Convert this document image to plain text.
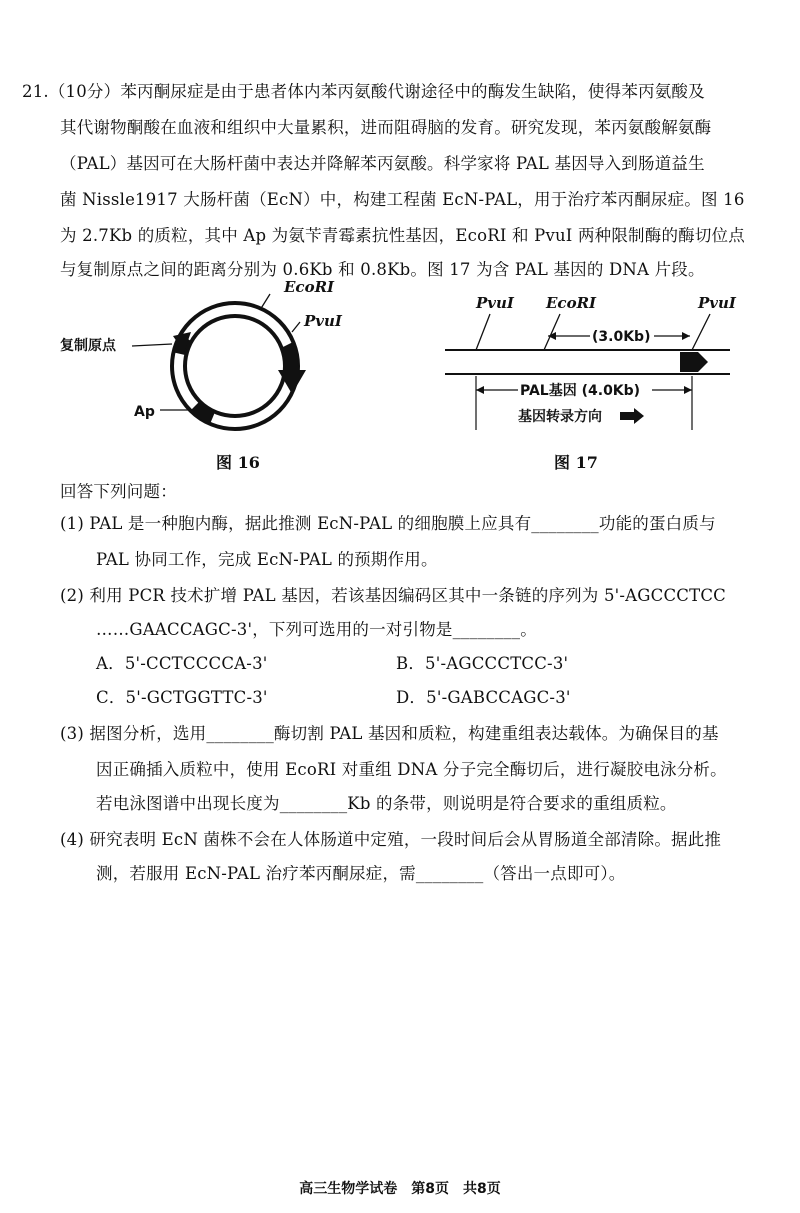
21.（10分）苯丙酮尿症是由于患者体内苯丙氨酸代谢途径中的酶发生缺陷，使得苯丙氨酸及
其代谢物酮酸在血液和组织中大量累积，进而阻碍脑的发育。研究发现，苯丙氨酸解氨酶
（PAL）基因可在大肠杆菌中表达并降解苯丙氨酸。科学家将 PAL 基因导入到肠道益生
菌 Nissle1917 大肠杆菌（EcN）中，构建工程菌 EcN-PAL，用于治疗苯丙酮尿症。图 16
为 2.7Kb 的质粒，其中 Ap 为氨苄青霉素抗性基因，EcoRI 和 PvuI 两种限制酶的酶切位点
与复制原点之间的距离分别为 0.6Kb 和 0.8Kb。图 17 为含 PAL 基因的 DNA 片段。
EcoRI
PvuI
复制原点
Ap
图 16
PvuI EcoRI	PvuI
(3.0Kb)
PAL基因 (4.0Kb)
基因转录方向
图 17
回答下列问题：
(1) PAL 是一种胞内酶，据此推测 EcN-PAL 的细胞膜上应具有________功能的蛋白质与
PAL 协同工作，完成 EcN-PAL 的预期作用。
(2) 利用 PCR 技术扩增 PAL 基因，若该基因编码区其中一条链的序列为 5'-AGCCCTCC
……GAACCAGC-3'，下列可选用的一对引物是________。
A．5'-CCTCCCCA-3'	B．5'-AGCCCTCC-3'
C．5'-GCTGGTTC-3'	D．5'-GABCCAGC-3'
(3) 据图分析，选用________酶切割 PAL 基因和质粒，构建重组表达载体。为确保目的基
因正确插入质粒中，使用 EcoRI 对重组 DNA 分子完全酶切后，进行凝胶电泳分析。
若电泳图谱中出现长度为________Kb 的条带，则说明是符合要求的重组质粒。
(4) 研究表明 EcN 菌株不会在人体肠道中定殖，一段时间后会从胃肠道全部清除。据此推
测，若服用 EcN-PAL 治疗苯丙酮尿症，需________（答出一点即可）。
高三生物学试卷　第8页　共8页
